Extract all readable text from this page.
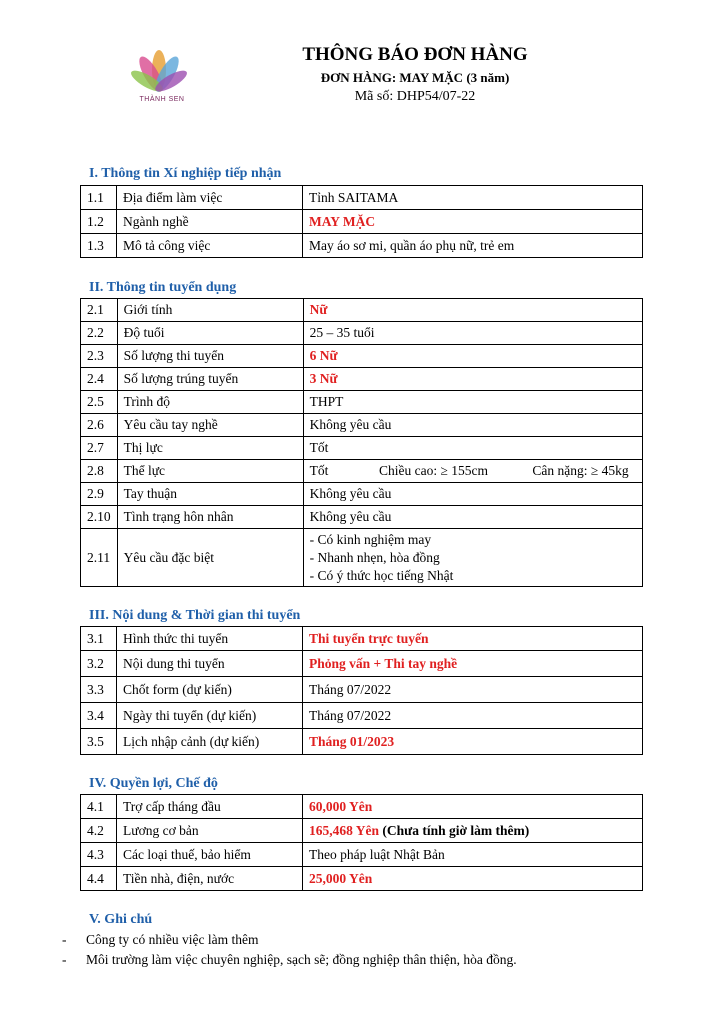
THÀNH SEN
THÔNG BÁO ĐƠN HÀNG
ĐƠN HÀNG: MAY MẶC (3 năm)
Mã số: DHP54/07-22
I. Thông tin Xí nghiệp tiếp nhận
1.1	Địa điểm làm việc	Tỉnh SAITAMA
1.2	Ngành nghề	MAY MẶC
1.3	Mô tả công việc	May áo sơ mi, quần áo phụ nữ, trẻ em
II. Thông tin tuyển dụng
2.1	Giới tính	Nữ
2.2	Độ tuổi	25 – 35 tuổi
2.3	Số lượng thi tuyển	6 Nữ
2.4	Số lượng trúng tuyển	3 Nữ
2.5	Trình độ	THPT
2.6	Yêu cầu tay nghề	Không yêu cầu
2.7	Thị lực	Tốt
2.8	Thể lực	Tốt Chiều cao: ≥ 155cm Cân nặng: ≥ 45kg
2.9	Tay thuận	Không yêu cầu
2.10	Tình trạng hôn nhân	Không yêu cầu
2.11	Yêu cầu đặc biệt	- Có kinh nghiệm may
- Nhanh nhẹn, hòa đồng
- Có ý thức học tiếng Nhật
III. Nội dung & Thời gian thi tuyển
3.1	Hình thức thi tuyển	Thi tuyển trực tuyến
3.2	Nội dung thi tuyển	Phỏng vấn + Thi tay nghề
3.3	Chốt form (dự kiến)	Tháng 07/2022
3.4	Ngày thi tuyển (dự kiến)	Tháng 07/2022
3.5	Lịch nhập cảnh (dự kiến)	Tháng 01/2023
IV. Quyền lợi, Chế độ
4.1	Trợ cấp tháng đầu	60,000 Yên
4.2	Lương cơ bản	165,468 Yên (Chưa tính giờ làm thêm)
4.3	Các loại thuế, bảo hiểm	Theo pháp luật Nhật Bản
4.4	Tiền nhà, điện, nước	25,000 Yên
V. Ghi chú
- Công ty có nhiều việc làm thêm
- Môi trường làm việc chuyên nghiệp, sạch sẽ; đồng nghiệp thân thiện, hòa đồng.
